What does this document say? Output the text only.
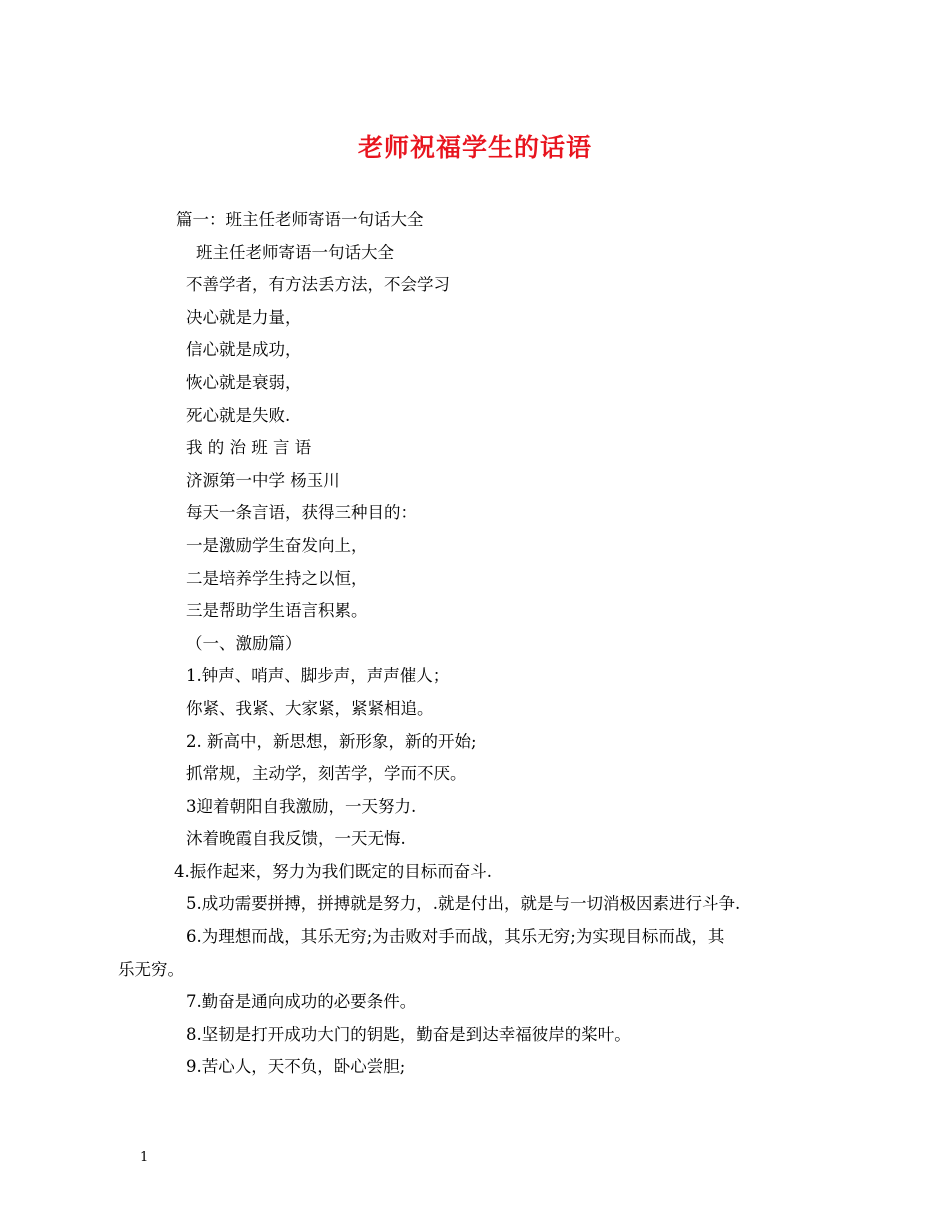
老师祝福学生的话语
篇一：班主任老师寄语一句话大全
班主任老师寄语一句话大全
不善学者，有方法丢方法，不会学习
决心就是力量，
信心就是成功，
恢心就是衰弱，
死心就是失败.
我 的 治 班 言 语
济源第一中学 杨玉川
每天一条言语，获得三种目的：
一是激励学生奋发向上，
二是培养学生持之以恒，
三是帮助学生语言积累。
（一、激励篇）
1.钟声、哨声、脚步声，声声催人；
你紧、我紧、大家紧，紧紧相追。
2. 新高中，新思想，新形象，新的开始;
抓常规，主动学，刻苦学，学而不厌。
3迎着朝阳自我激励，一天努力.
沐着晚霞自我反馈，一天无悔.
4.振作起来，努力为我们既定的目标而奋斗.
5.成功需要拼搏，拼搏就是努力，.就是付出，就是与一切消极因素进行斗争.
6.为理想而战，其乐无穷;为击败对手而战，其乐无穷;为实现目标而战，其
乐无穷。
7.勤奋是通向成功的必要条件。
8.坚韧是打开成功大门的钥匙，勤奋是到达幸福彼岸的桨叶。
9.苦心人，天不负，卧心尝胆;
1
